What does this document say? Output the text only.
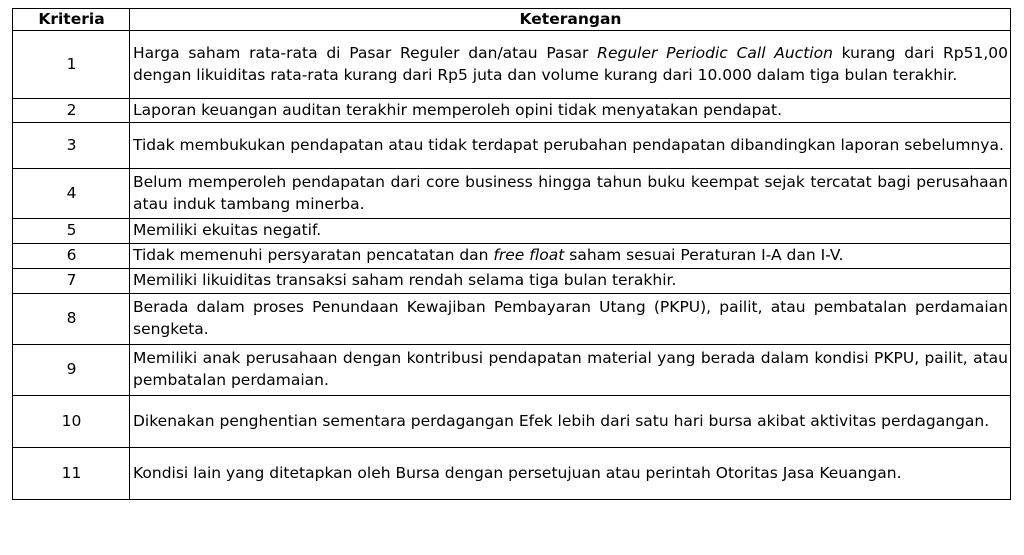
Kriteria	Keterangan
1	Harga saham rata-rata di Pasar Reguler dan/atau Pasar Reguler Periodic Call Auction kurang dari Rp51,00 dengan likuiditas rata-rata kurang dari Rp5 juta dan volume kurang dari 10.000 dalam tiga bulan terakhir.
2	Laporan keuangan auditan terakhir memperoleh opini tidak menyatakan pendapat.
3	Tidak membukukan pendapatan atau tidak terdapat perubahan pendapatan dibandingkan laporan sebelumnya.
4	Belum memperoleh pendapatan dari core business hingga tahun buku keempat sejak tercatat bagi perusahaan atau induk tambang minerba.
5	Memiliki ekuitas negatif.
6	Tidak memenuhi persyaratan pencatatan dan free float saham sesuai Peraturan I-A dan I-V.
7	Memiliki likuiditas transaksi saham rendah selama tiga bulan terakhir.
8	Berada dalam proses Penundaan Kewajiban Pembayaran Utang (PKPU), pailit, atau pembatalan perdamaian sengketa.
9	Memiliki anak perusahaan dengan kontribusi pendapatan material yang berada dalam kondisi PKPU, pailit, atau pembatalan perdamaian.
10	Dikenakan penghentian sementara perdagangan Efek lebih dari satu hari bursa akibat aktivitas perdagangan.
11	Kondisi lain yang ditetapkan oleh Bursa dengan persetujuan atau perintah Otoritas Jasa Keuangan.
